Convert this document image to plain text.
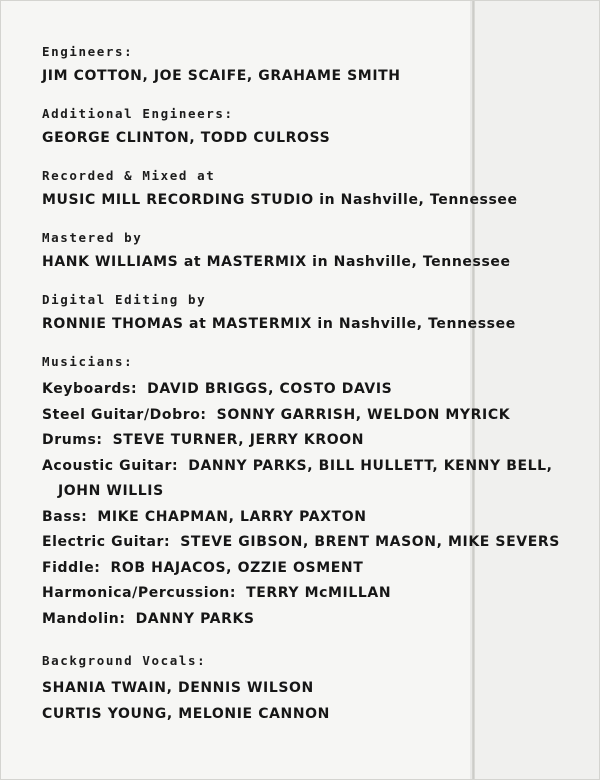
Engineers:
JIM COTTON, JOE SCAIFE, GRAHAME SMITH
Additional Engineers:
GEORGE CLINTON, TODD CULROSS
Recorded & Mixed at
MUSIC MILL RECORDING STUDIO in Nashville, Tennessee
Mastered by
HANK WILLIAMS at MASTERMIX in Nashville, Tennessee
Digital Editing by
RONNIE THOMAS at MASTERMIX in Nashville, Tennessee
Musicians:
Keyboards: DAVID BRIGGS, COSTO DAVIS
Steel Guitar/Dobro: SONNY GARRISH, WELDON MYRICK
Drums: STEVE TURNER, JERRY KROON
Acoustic Guitar: DANNY PARKS, BILL HULLETT, KENNY BELL,
JOHN WILLIS
Bass: MIKE CHAPMAN, LARRY PAXTON
Electric Guitar: STEVE GIBSON, BRENT MASON, MIKE SEVERS
Fiddle: ROB HAJACOS, OZZIE OSMENT
Harmonica/Percussion: TERRY McMILLAN
Mandolin: DANNY PARKS
Background Vocals:
SHANIA TWAIN, DENNIS WILSON
CURTIS YOUNG, MELONIE CANNON
